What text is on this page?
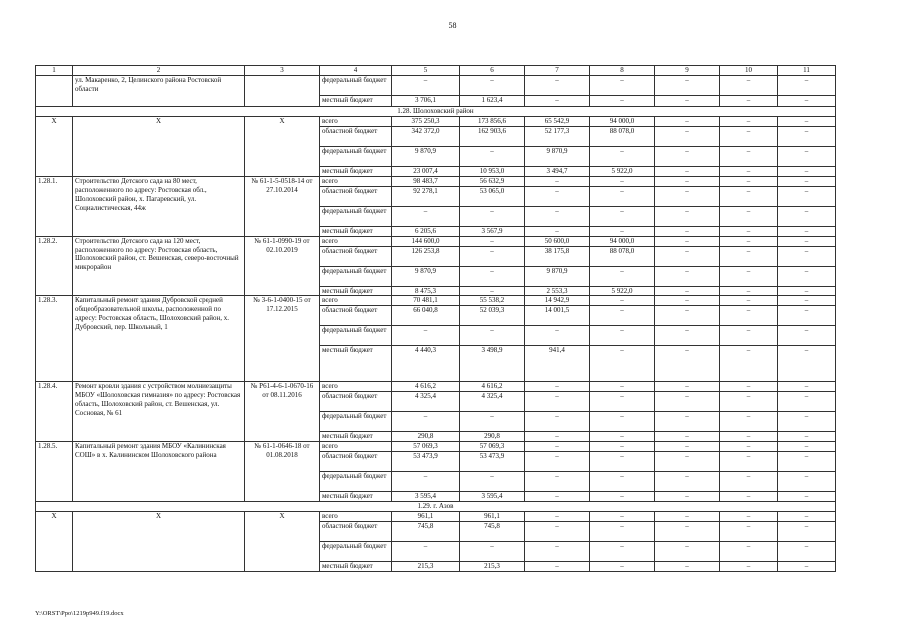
58
1	2	3	4	5	6	7	8	9	10	11
	ул. Макаренко, 2, Целинского района Ростовской области		федеральный бюджет	–	–	–	–	–	–	–
			местный бюджет	3 706,1	1 623,4	–	–	–	–	–
1.28. Шолоховский район										
Х	Х	Х	всего	375 250,3	173 856,6	65 542,9	94 000,0	–	–	–
			областной бюджет	342 372,0	162 903,6	52 177,3	88 078,0	–	–	–
			федеральный бюджет	9 870,9	–	9 870,9	–	–	–	–
			местный бюджет	23 007,4	10 953,0	3 494,7	5 922,0	–	–	–
1.28.1.	Строительство Детского сада на 80 мест, расположенного по адресу: Ростовская обл., Шолоховский район, х. Пагаревский, ул. Социалистическая, 44ж	№ 61-1-5-0518-14 от 27.10.2014	всего	98 483,7	56 632,9	–	–	–	–	–
			областной бюджет	92 278,1	53 065,0	–	–	–	–	–
			федеральный бюджет	–	–	–	–	–	–	–
			местный бюджет	6 205,6	3 567,9	–	–	–	–	–
1.28.2.	Строительство Детского сада на 120 мест, расположенного по адресу: Ростовская область, Шолоховский район, ст. Вешенская, северо-восточный микрорайон	№ 61-1-0990-19 от 02.10.2019	всего	144 600,0	–	50 600,0	94 000,0	–	–	–
			областной бюджет	126 253,8	–	38 175,8	88 078,0	–	–	–
			федеральный бюджет	9 870,9	–	9 870,9	–	–	–	–
			местный бюджет	8 475,3	–	2 553,3	5 922,0	–	–	–
1.28.3.	Капитальный ремонт здания Дубровской средней общеобразовательной школы, расположенной по адресу: Ростовская область, Шолоховский район, х. Дубровский, пер. Школьный, 1	№ 3-6-1-0400-15 от 17.12.2015	всего	70 481,1	55 538,2	14 942,9	–	–	–	–
			областной бюджет	66 040,8	52 039,3	14 001,5	–	–	–	–
			федеральный бюджет	–	–	–	–	–	–	–
			местный бюджет	4 440,3	3 498,9	941,4	–	–	–	–
1.28.4.	Ремонт кровли здания с устройством молниезащиты МБОУ «Шолоховская гимназия» по адресу: Ростовская область, Шолоховский район, ст. Вешенская, ул. Сосновая, № 61	№ Р61-4-6-1-0670-16 от 08.11.2016	всего	4 616,2	4 616,2	–	–	–	–	–
			областной бюджет	4 325,4	4 325,4	–	–	–	–	–
			федеральный бюджет	–	–	–	–	–	–	–
			местный бюджет	290,8	290,8	–	–	–	–	–
1.28.5.	Капитальный ремонт здания МБОУ «Калининская СОШ» в х. Калининском Шолоховского района	№ 61-1-0646-18 от 01.08.2018	всего	57 069,3	57 069,3	–	–	–	–	–
			областной бюджет	53 473,9	53 473,9	–	–	–	–	–
			федеральный бюджет	–	–	–	–	–	–	–
			местный бюджет	3 595,4	3 595,4	–	–	–	–	–
1.29. г. Азов										
Х	Х	Х	всего	961,1	961,1	–	–	–	–	–
			областной бюджет	745,8	745,8	–	–	–	–	–
			федеральный бюджет	–	–	–	–	–	–	–
			местный бюджет	215,3	215,3	–	–	–	–	–
Y:\ORST\Ppo\1219p949.f19.docx
